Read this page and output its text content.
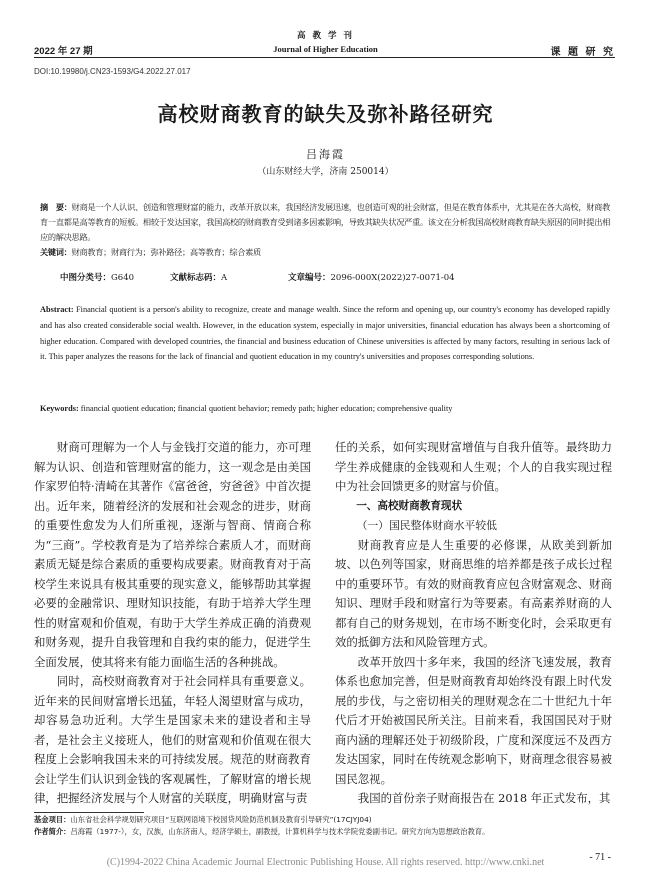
高 教 学 刊
2022 年 27 期	Journal of Higher Education	课 题 研 究
DOI:10.19980/j.CN23-1593/G4.2022.27.017
高校财商教育的缺失及弥补路径研究
吕海霞
（山东财经大学，济南 250014）
摘　要：财商是一个人认识、创造和管理财富的能力，改革开放以来，我国经济发展迅速，也创造可观的社会财富，但是在教育体系中，尤其是在各大高校，财商教育一直都是高等教育的短板。相较于发达国家，我国高校的财商教育受到诸多因素影响，导致其缺失状况严重。该文在分析我国高校财商教育缺失原因的同时提出相应的解决思路。
关键词：财商教育；财商行为；弥补路径；高等教育；综合素质
中图分类号：G640	文献标志码：A	文章编号：2096-000X(2022)27-0071-04
Abstract: Financial quotient is a person's ability to recognize, create and manage wealth. Since the reform and opening up, our country's economy has developed rapidly and has also created considerable social wealth. However, in the education system, especially in major universities, financial education has always been a shortcoming of higher education. Compared with developed countries, the financial and business education of Chinese universities is affected by many factors, resulting in serious lack of it. This paper analyzes the reasons for the lack of financial and quotient education in my country's universities and proposes corresponding solutions.
Keywords: financial quotient education; financial quotient behavior; remedy path; higher education; comprehensive quality

财商可理解为一个人与金钱打交道的能力，亦可理解为认识、创造和管理财富的能力，这一观念是由美国作家罗伯特·清崎在其著作《富爸爸，穷爸爸》中首次提出。近年来，随着经济的发展和社会观念的进步，财商的重要性愈发为人们所重视，逐渐与智商、情商合称为“三商”。学校教育是为了培养综合素质人才，而财商素质无疑是综合素质的重要构成要素。财商教育对于高校学生来说具有极其重要的现实意义，能够帮助其掌握必要的金融常识、理财知识技能，有助于培养大学生理性的财富观和价值观，有助于大学生养成正确的消费观和财务观，提升自我管理和自我约束的能力，促进学生全面发展，使其将来有能力面临生活的各种挑战。

同时，高校财商教育对于社会同样具有重要意义。近年来的民间财富增长迅猛，年轻人渴望财富与成功，却容易急功近利。大学生是国家未来的建设者和主导者，是社会主义接班人，他们的财富观和价值观在很大程度上会影响我国未来的可持续发展。规范的财商教育会让学生们认识到金钱的客观属性，了解财富的增长规律，把握经济发展与个人财富的关联度，明确财富与责

任的关系，如何实现财富增值与自我升值等。最终助力学生养成健康的金钱观和人生观；个人的自我实现过程中为社会回馈更多的财富与价值。

一、高校财商教育现状
（一）国民整体财商水平较低

财商教育应是人生重要的必修课，从欧美到新加坡、以色列等国家，财商思维的培养都是孩子成长过程中的重要环节。有效的财商教育应包含财富观念、财商知识、理财手段和财富行为等要素。有高素养财商的人都有自己的财务规划，在市场不断变化时，会采取更有效的抵御方法和风险管理方式。

改革开放四十多年来，我国的经济飞速发展，教育体系也愈加完善，但是财商教育却始终没有跟上时代发展的步伐，与之密切相关的理财观念在二十世纪九十年代后才开始被国民所关注。目前来看，我国国民对于财商内涵的理解还处于初级阶段，广度和深度远不及西方发达国家，同时在传统观念影响下，财商理念很容易被国民忽视。

我国的首份亲子财商报告在 2018 年正式发布，其

基金项目：山东省社会科学规划研究项目“互联网语境下校园贷风险防范机制及教育引导研究”(17CJYJ04)
作者简介：吕海霞（1977-），女，汉族，山东济南人，经济学硕士，副教授，计算机科学与技术学院党委副书记。研究方向为思想政治教育。
- 71 -
(C)1994-2022 China Academic Journal Electronic Publishing House. All rights reserved. http://www.cnki.net
